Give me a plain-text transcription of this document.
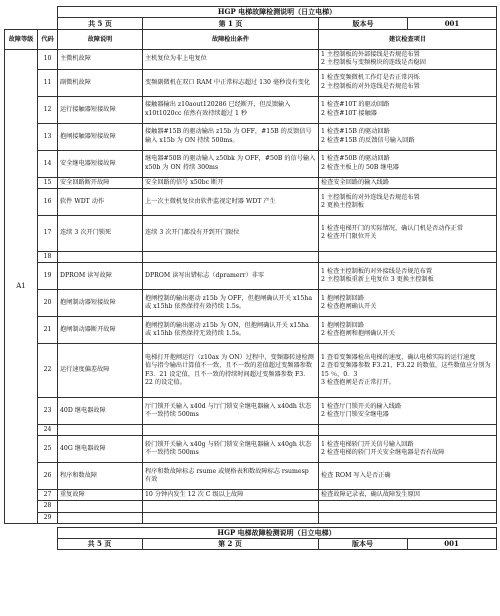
	HGP 电梯故障检测说明（日立电梯）
共 5 页	第 1 页		版本号	001

故障等级	代码	故障说明	故障检出条件	建议检查项目
A1	10	主微机故障	主机复位为非上电复位	1 主控制板的外部接线是否规范布置
2 主控制板与变频模块的连线是否稳固
11	副微机故障	变频副微机在双口 RAM 中正常标志超过 130 毫秒没有变化	1 检查变频微机工作灯是否正常闪烁
2 主控制板的对外连线是否规范布置
12	运行接触器短接故障	接触器输出 z10aout120286 已经断开，但反馈输入 x10t1020cc 依然有效持续超过 1 秒	1 检查#10T 的驱动回路
2 检查#10T 接触器
13	抱闸接触器短接故障	接触器#15B 的驱动输出 z15b 为 OFF，#15B 的反馈信号输入 x15b 为 ON 持续 500ms。	1 检查#15B 的驱动回路
2 检查#15B 的反馈信号输入回路
14	安全继电器短接故障	继电器#50B 的驱动输入 z50bk 为 OFF，#50B 的信号输入 x50b 为 ON 持续 300ms	1 检查#50B 的驱动回路
2 检查主板上的 50B 继电器
15	安全回路断开故障	安全回路的信号 x50bc 断开	检查安全回路的输入线路
16	软件 WDT 动作	上一次主微机复位由软件监视定时器 WDT 产生	1 主控制板的对外连线是否规范布置
2 更换主控制板
17	连续 3 次开门锁死	连续 3 次开门都没有开到开门限位	1 检查电梯开门的实际情况，确认门机是否动作正常
2 检查开门限位开关
18			
19	DPROM 读写故障	DPROM 读写出错标志（dpramerr）非零	1 检查主控制板的对外接线是否规范布置
2 主控制板重新上电复位 3 更换主控制板
20	抱闸制动器短接故障	抱闸控制的输出驱动 z15b 为 OFF，但抱闸确认开关 x15ha 或 x15hb 依然保持有效持续 1.5s。	1 抱闸控制回路
2 检查抱闸确认开关
21	抱闸制动器断开故障	抱闸控制的输出驱动 z15b 为 ON，但抱闸确认开关 x15ha 或 x15hb 依然保持无效持续 1.5s。	1 抱闸控制回路
2 检查抱闸和抱闸确认开关
22	运行速度偏差故障	电梯打开抱闸运行（z10ax 为 ON）过程中，变频器转速检测值与指令输出计算值不一致，且不一致的差值超过变频器参数 F3．21 设定值，且不一致的持续时间超过变频器参数 F3．22 的设定值。	1 查看变频器检出电梯的速度，确认电梯实际的运行速度
2 查看变频器参数 F3.21、F3.22 的数值，这些数值应分别为 15 ％、0．3
3 检查抱闸是否正常打开。
23	40D 继电器故障	厅门锁开关输入 x40d 与厅门锁安全继电器输入 x40dh 状态不一致持续 500ms	1 检查厅门锁开关的输入线路
2 检查厅门锁安全继电器
24			
25	40G 继电器故障	轿门锁开关输入 x40g 与轿门锁安全继电器输入 x40gh 状态不一致持续 500ms	1 检查电梯轿门开关信号输入回路
2 检查电梯的轿门开关安全继电器是否有故障
26	程序和数故障	程序和数故障标志 rsume 或规格表和数故障标志 rsumesp 有效	检查 ROM 写入是否正确
27	重复故障	10 分钟内发生 12 次 C 级以上故障	检查故障记录表，确认故障发生原因
28			
29			
	HGP 电梯故障检测说明（日立电梯）			
	共 5 页	第 2 页	版本号	001
